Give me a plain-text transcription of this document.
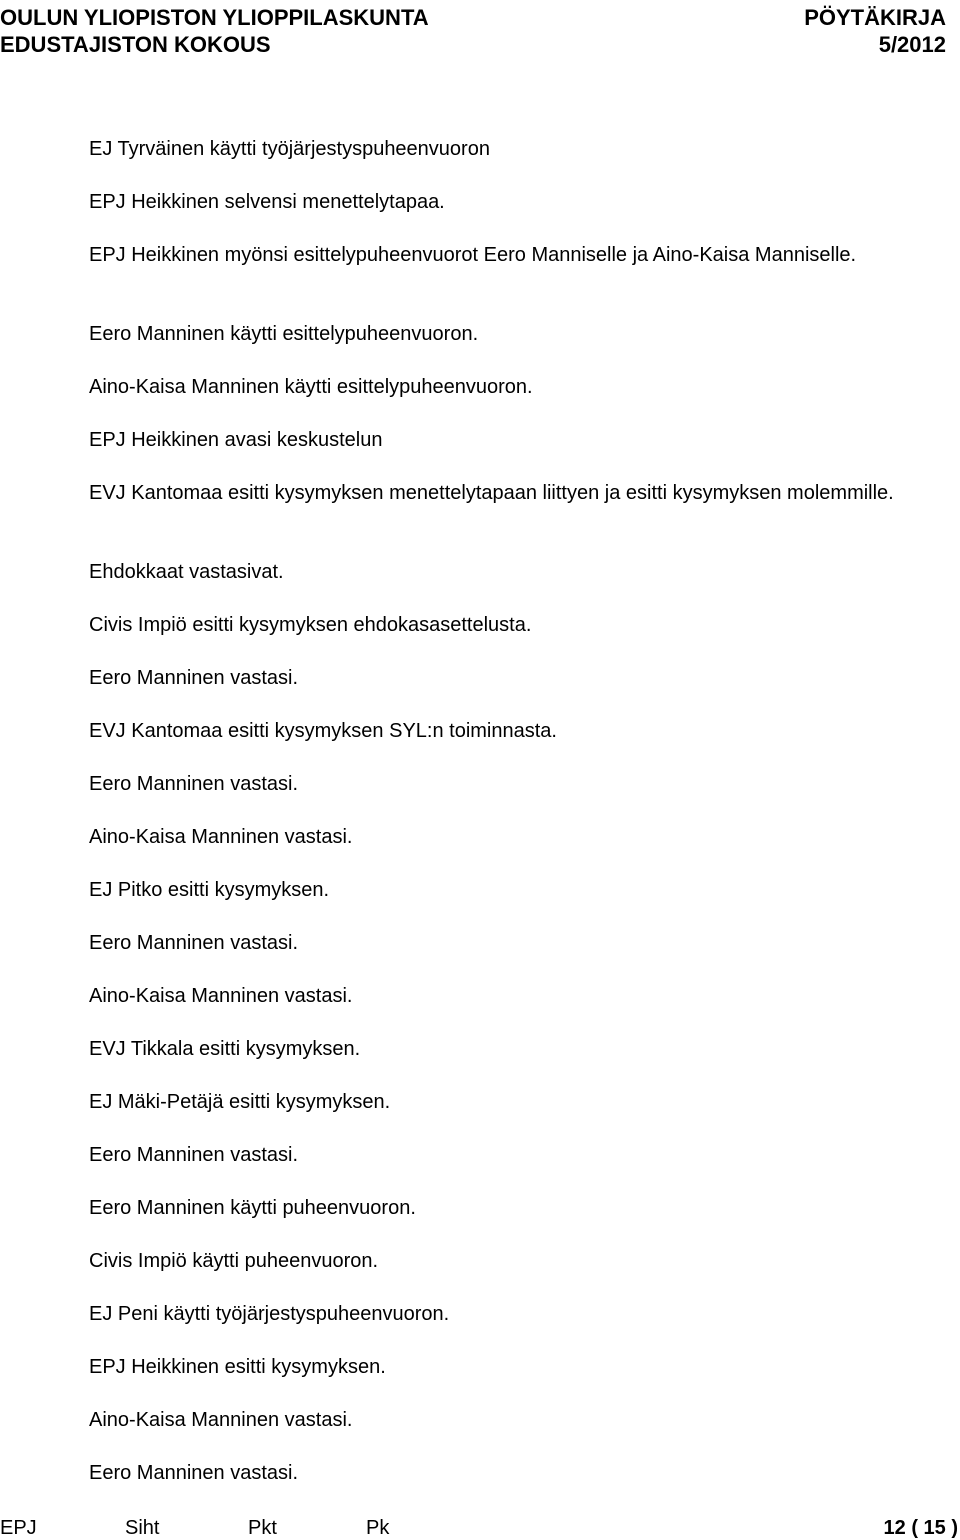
OULUN YLIOPISTON YLIOPPILASKUNTA	PÖYTÄKIRJA
EDUSTAJISTON KOKOUS	5/2012
EJ Tyrväinen käytti työjärjestyspuheenvuoron
EPJ Heikkinen selvensi menettelytapaa.
EPJ Heikkinen myönsi esittelypuheenvuorot Eero Manniselle ja Aino-Kaisa Manniselle.
Eero Manninen käytti esittelypuheenvuoron.
Aino-Kaisa Manninen käytti esittelypuheenvuoron.
EPJ Heikkinen avasi keskustelun
EVJ Kantomaa esitti kysymyksen menettelytapaan liittyen ja esitti kysymyksen molemmille.
Ehdokkaat vastasivat.
Civis Impiö esitti kysymyksen ehdokasasettelusta.
Eero Manninen vastasi.
EVJ Kantomaa esitti kysymyksen SYL:n toiminnasta.
Eero Manninen vastasi.
Aino-Kaisa Manninen vastasi.
EJ Pitko esitti kysymyksen.
Eero Manninen vastasi.
Aino-Kaisa Manninen vastasi.
EVJ Tikkala esitti kysymyksen.
EJ Mäki-Petäjä esitti kysymyksen.
Eero Manninen vastasi.
Eero Manninen käytti puheenvuoron.
Civis Impiö käytti puheenvuoron.
EJ Peni käytti työjärjestyspuheenvuoron.
EPJ Heikkinen esitti kysymyksen.
Aino-Kaisa Manninen vastasi.
Eero Manninen vastasi.
EPJ	Siht	Pkt	Pk	12 ( 15 )
